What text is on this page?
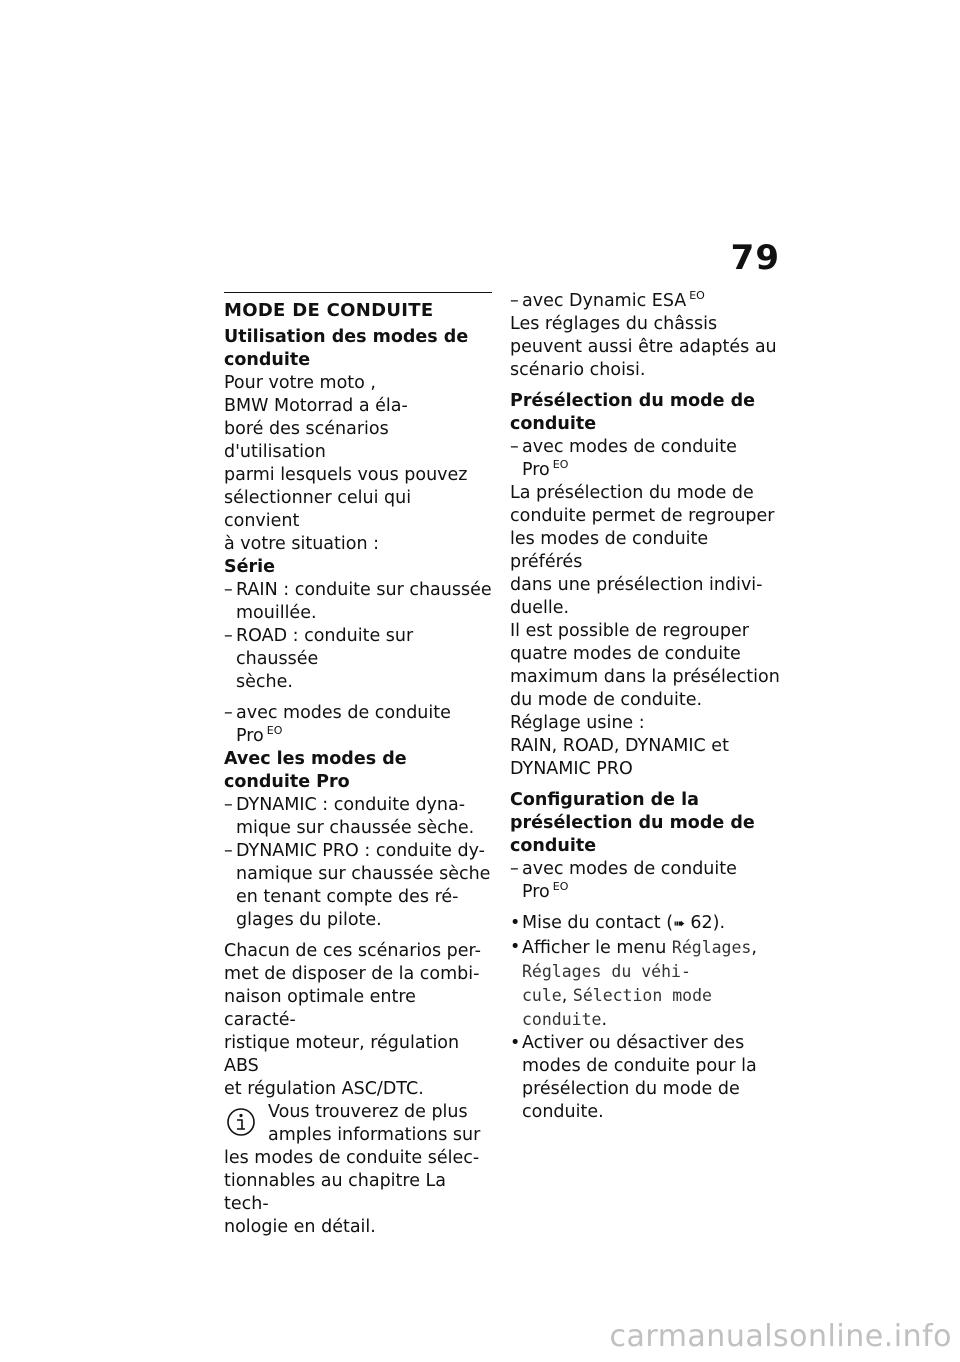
79
MODE DE CONDUITE
Utilisation des modes de conduite
Pour votre moto ,
BMW Motorrad a éla-
boré des scénarios d'utilisation
parmi lesquels vous pouvez
sélectionner celui qui convient
à votre situation :
Série
– RAIN : conduite sur chaussée
mouillée.
– ROAD : conduite sur chaussée
sèche.
– avec modes de conduite
Pro $^{EO}$
Avec les modes de conduite Pro
– DYNAMIC : conduite dyna-
mique sur chaussée sèche.
– DYNAMIC PRO : conduite dy-
namique sur chaussée sèche
en tenant compte des ré-
glages du pilote.
Chacun de ces scénarios per-
met de disposer de la combi-
naison optimale entre caracté-
ristique moteur, régulation ABS
et régulation ASC/DTC.
Vous trouverez de plus
amples informations sur
les modes de conduite sélec-
tionnables au chapitre La tech-
nologie en détail.
– avec Dynamic ESA $^{EO}$
Les réglages du châssis
peuvent aussi être adaptés au
scénario choisi.
Présélection du mode de
conduite
– avec modes de conduite
Pro $^{EO}$
La présélection du mode de
conduite permet de regrouper
les modes de conduite préférés
dans une présélection indivi-
duelle.
Il est possible de regrouper
quatre modes de conduite
maximum dans la présélection
du mode de conduite.
Réglage usine :
RAIN, ROAD, DYNAMIC et
DYNAMIC PRO
Configuration de la
présélection du mode de
conduite
– avec modes de conduite
Pro $^{EO}$
• Mise du contact (➠ 62).
• Afficher le menu Réglages,
Réglages du véhi-
cule, Sélection mode
conduite.
• Activer ou désactiver des
modes de conduite pour la
présélection du mode de
conduite.
carmanualsonline.info
